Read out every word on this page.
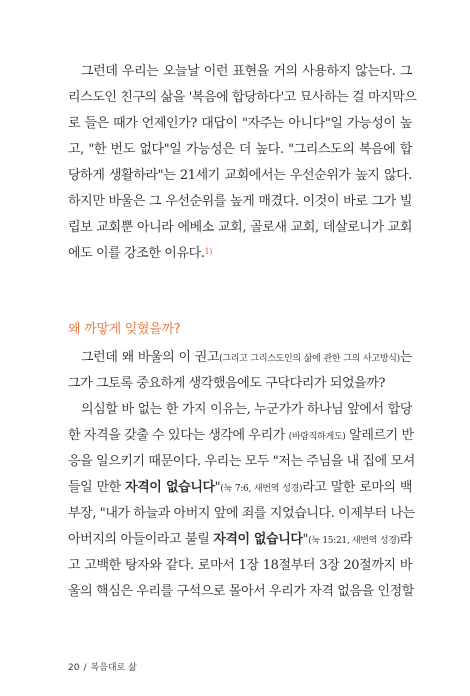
그런데 우리는 오늘날 이런 표현을 거의 사용하지 않는다. 그
리스도인 친구의 삶을 '복음에 합당하다'고 묘사하는 걸 마지막으
로 들은 때가 언제인가? 대답이 "자주는 아니다"일 가능성이 높
고, "한 번도 없다"일 가능성은 더 높다. "그리스도의 복음에 합
당하게 생활하라"는 21세기 교회에서는 우선순위가 높지 않다.
하지만 바울은 그 우선순위를 높게 매겼다. 이것이 바로 그가 빌
립보 교회뿐 아니라 에베소 교회, 골로새 교회, 데살로니가 교회
에도 이를 강조한 이유다.$^{1)}$
왜 까맣게 잊혔을까?
그런데 왜 바울의 이 권고(그리고 그리스도인의 삶에 관한 그의 사고방식)는
그가 그토록 중요하게 생각했음에도 구닥다리가 되었을까?
의심할 바 없는 한 가지 이유는, 누군가가 하나님 앞에서 합당
한 자격을 갖출 수 있다는 생각에 우리가 (바람직하게도) 알레르기 반
응을 일으키기 때문이다. 우리는 모두 "저는 주님을 내 집에 모셔
들일 만한 자격이 없습니다"(눅 7:6, 새번역 성경)라고 말한 로마의 백
부장, "내가 하늘과 아버지 앞에 죄를 지었습니다. 이제부터 나는
아버지의 아들이라고 불릴 자격이 없습니다"(눅 15:21, 새번역 성경)라
고 고백한 탕자와 같다. 로마서 1장 18절부터 3장 20절까지 바
울의 핵심은 우리를 구석으로 몰아서 우리가 자격 없음을 인정할
20 / 복음대로 삶
